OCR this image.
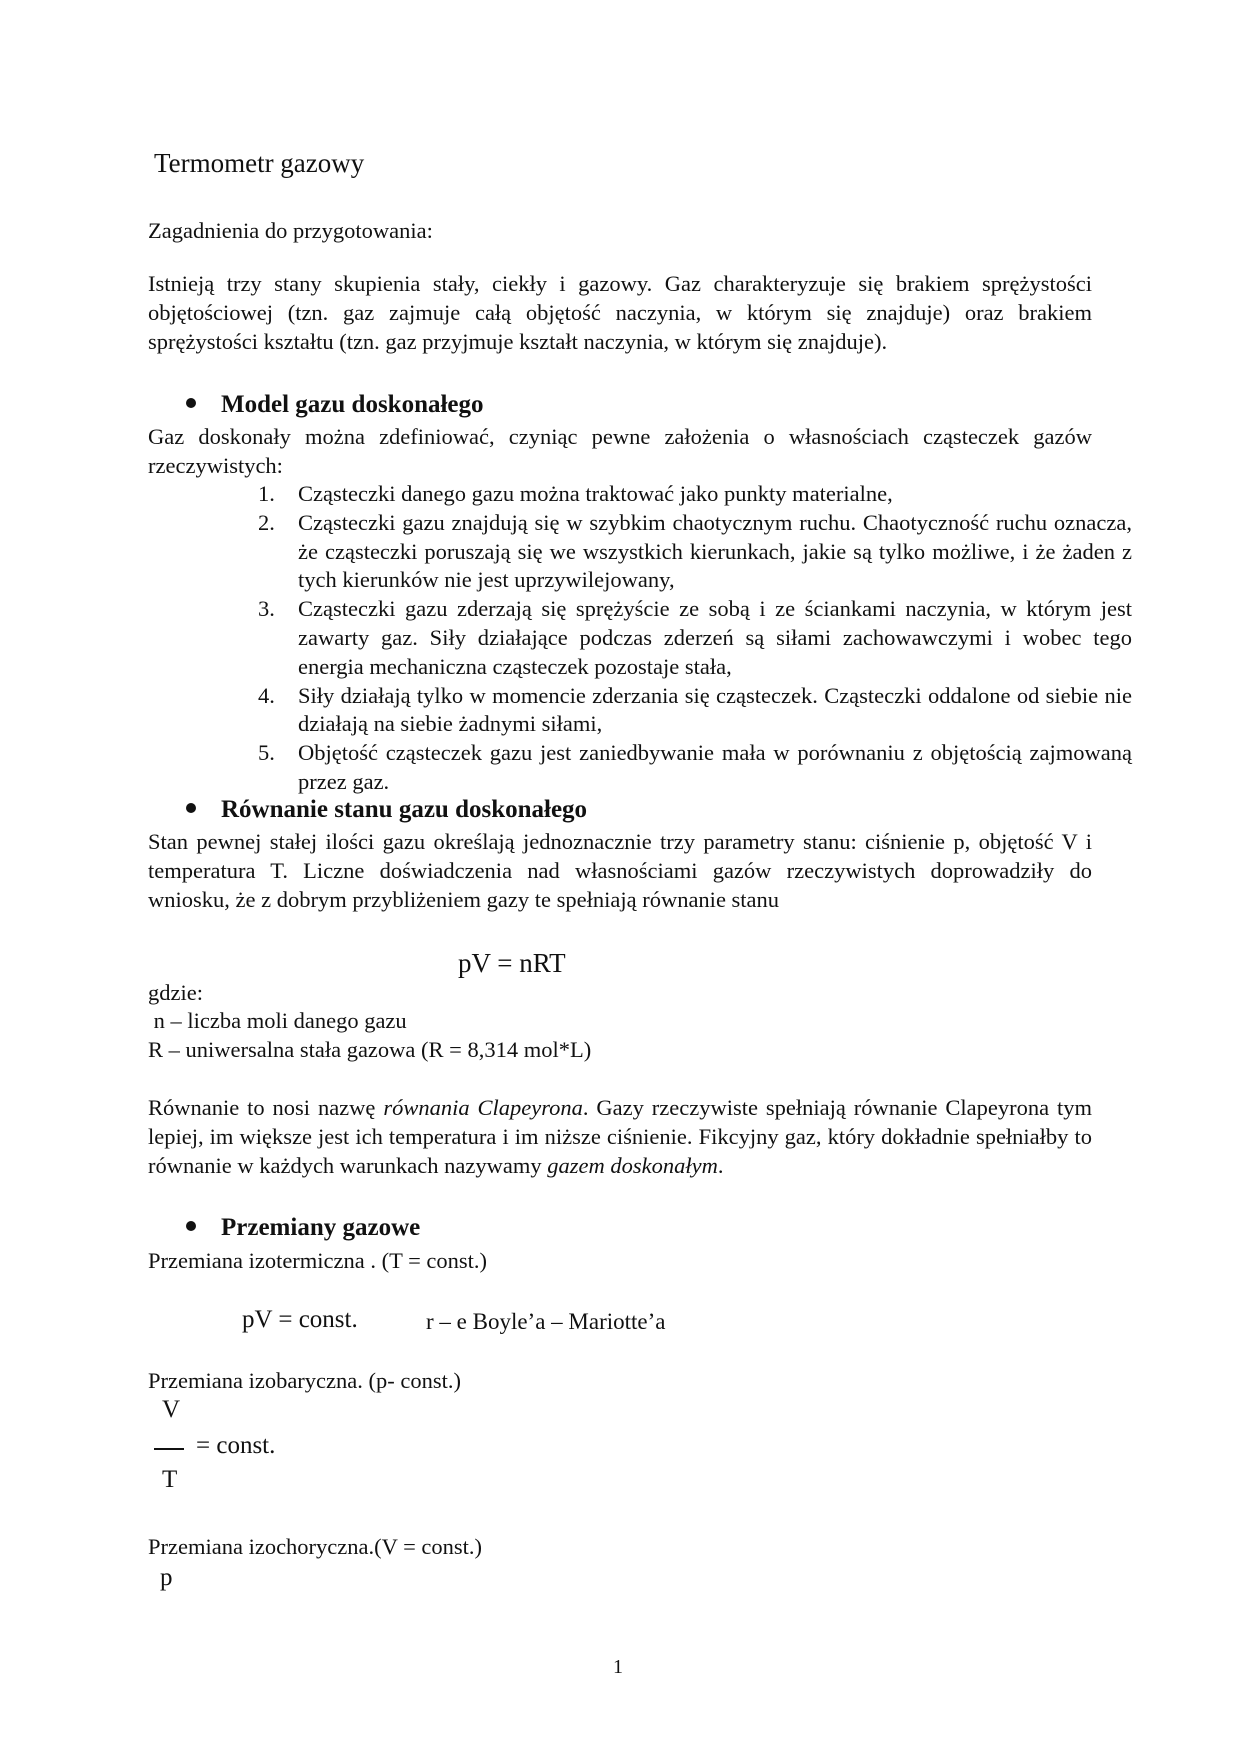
Termometr gazowy
Zagadnienia do przygotowania:
Istnieją trzy stany skupienia stały, ciekły i gazowy. Gaz charakteryzuje się brakiem sprężystości objętościowej (tzn. gaz zajmuje całą objętość naczynia, w którym się znajduje) oraz brakiem sprężystości kształtu (tzn. gaz przyjmuje kształt naczynia, w którym się znajduje).
Model gazu doskonałego
Gaz doskonały można zdefiniować, czyniąc pewne założenia o własnościach cząsteczek gazów rzeczywistych:
1. Cząsteczki danego gazu można traktować jako punkty materialne,
2. Cząsteczki gazu znajdują się w szybkim chaotycznym ruchu. Chaotyczność ruchu oznacza, że cząsteczki poruszają się we wszystkich kierunkach, jakie są tylko możliwe, i że żaden z tych kierunków nie jest uprzywilejowany,
3. Cząsteczki gazu zderzają się sprężyście ze sobą i ze ściankami naczynia, w którym jest zawarty gaz. Siły działające podczas zderzeń są siłami zachowawczymi i wobec tego energia mechaniczna cząsteczek pozostaje stała,
4. Siły działają tylko w momencie zderzania się cząsteczek. Cząsteczki oddalone od siebie nie działają na siebie żadnymi siłami,
5. Objętość cząsteczek gazu jest zaniedbywanie mała w porównaniu z objętością zajmowaną przez gaz.
Równanie stanu gazu doskonałego
Stan pewnej stałej ilości gazu określają jednoznacznie trzy parametry stanu: ciśnienie p, objętość V i temperatura T. Liczne doświadczenia nad własnościami gazów rzeczywistych doprowadziły do wniosku, że z dobrym przybliżeniem gazy te spełniają równanie stanu
pV = nRT
gdzie:
n – liczba moli danego gazu
R – uniwersalna stała gazowa (R = 8,314 mol*L)
Równanie to nosi nazwę równania Clapeyrona. Gazy rzeczywiste spełniają równanie Clapeyrona tym lepiej, im większe jest ich temperatura i im niższe ciśnienie. Fikcyjny gaz, który dokładnie spełniałby to równanie w każdych warunkach nazywamy gazem doskonałym.
Przemiany gazowe
Przemiana izotermiczna . (T = const.)
pV = const.	r – e Boyle’a – Mariotte’a
Przemiana izobaryczna. (p- const.)
V
= const.
T
Przemiana izochoryczna.(V = const.)
p
1
